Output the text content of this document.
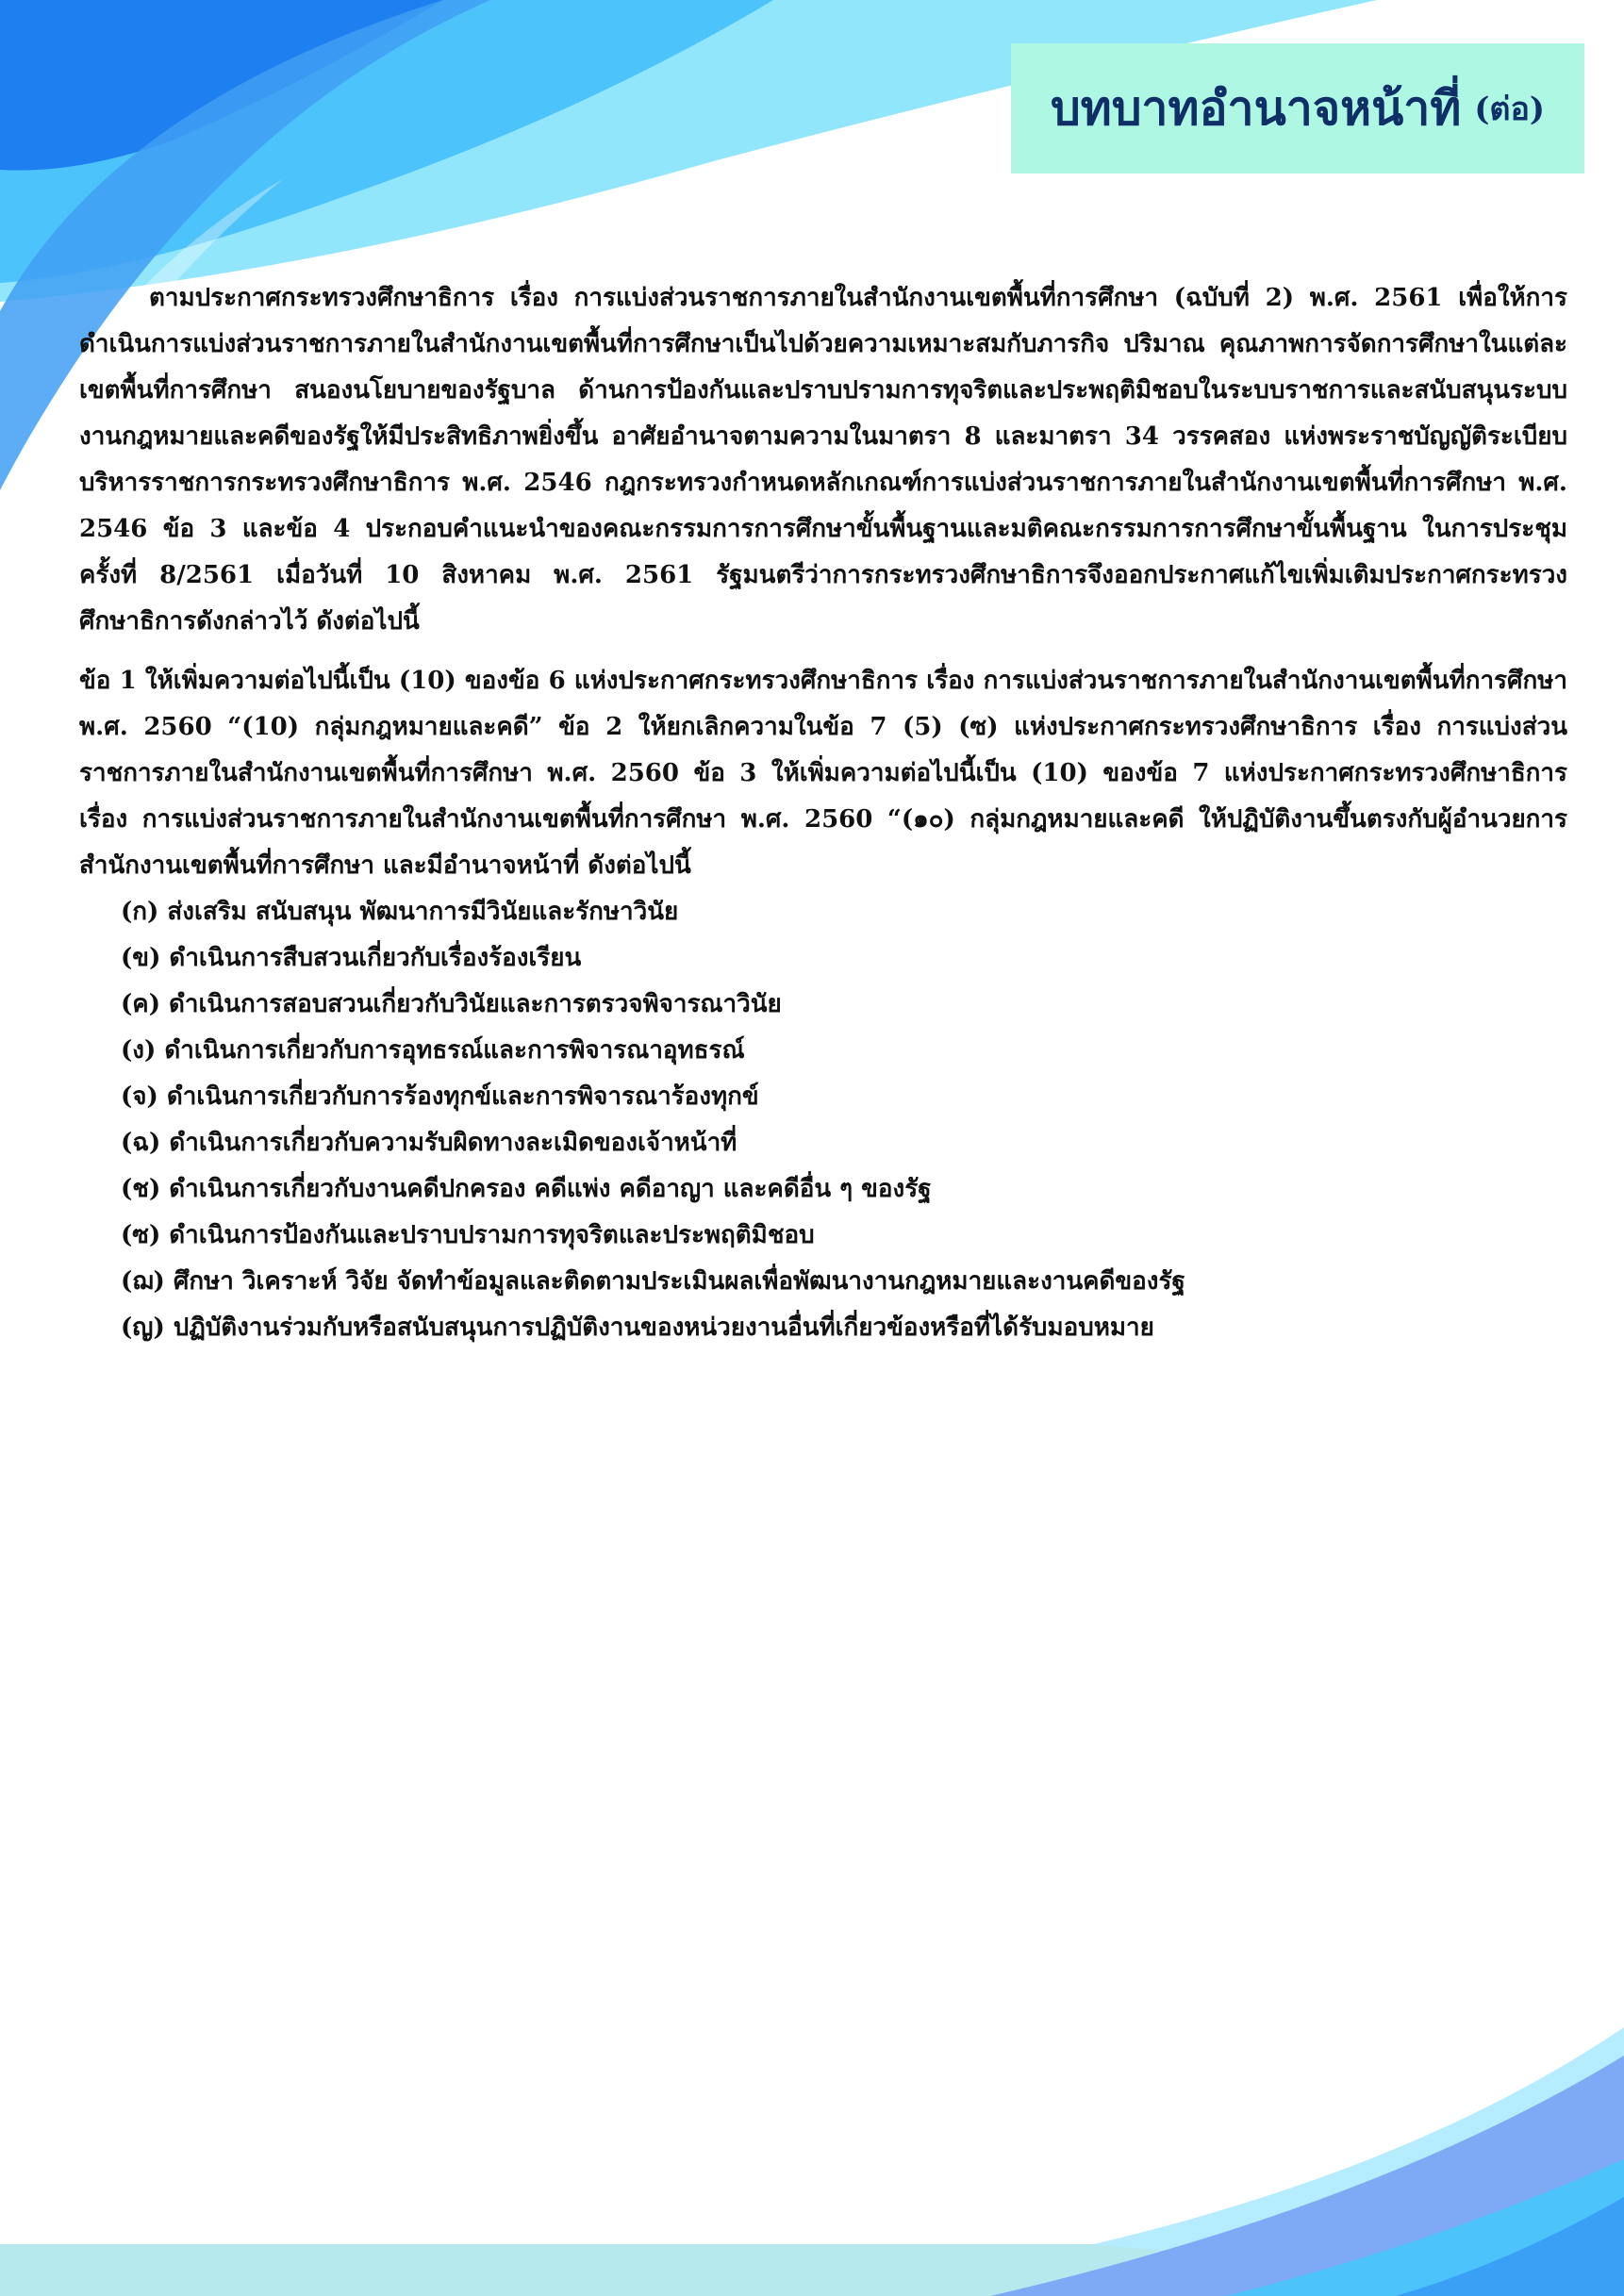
บทบาทอำนาจหน้าที่ (ต่อ)

ตามประกาศกระทรวงศึกษาธิการ เรื่อง การแบ่งส่วนราชการภายในสำนักงานเขตพื้นที่การศึกษา (ฉบับที่ 2) พ.ศ. 2561 เพื่อให้การดำเนินการแบ่งส่วนราชการภายในสำนักงานเขตพื้นที่การศึกษาเป็นไปด้วยความเหมาะสมกับภารกิจ ปริมาณ คุณภาพการจัดการศึกษาในแต่ละเขตพื้นที่การศึกษา สนองนโยบายของรัฐบาล ด้านการป้องกันและปราบปรามการทุจริตและประพฤติมิชอบในระบบราชการและสนับสนุนระบบ งานกฎหมายและคดีของรัฐให้มีประสิทธิภาพยิ่งขึ้น อาศัยอำนาจตามความในมาตรา 8 และมาตรา 34 วรรคสอง แห่งพระราชบัญญัติระเบียบบริหารราชการกระทรวงศึกษาธิการ พ.ศ. 2546 กฎกระทรวงกำหนดหลักเกณฑ์การแบ่งส่วนราชการภายในสำนักงานเขตพื้นที่การศึกษา พ.ศ. 2546 ข้อ 3 และข้อ 4 ประกอบคำแนะนำของคณะกรรมการการศึกษาขั้นพื้นฐานและมติคณะกรรมการการศึกษาขั้นพื้นฐาน ในการประชุมครั้งที่ 8/2561 เมื่อวันที่ 10 สิงหาคม พ.ศ. 2561 รัฐมนตรีว่าการกระทรวงศึกษาธิการจึงออกประกาศแก้ไขเพิ่มเติมประกาศกระทรวงศึกษาธิการดังกล่าวไว้ ดังต่อไปนี้

ข้อ 1 ให้เพิ่มความต่อไปนี้เป็น (10) ของข้อ 6 แห่งประกาศกระทรวงศึกษาธิการ เรื่อง การแบ่งส่วนราชการภายในสำนักงานเขตพื้นที่การศึกษา พ.ศ. 2560 “(10) กลุ่มกฎหมายและคดี” ข้อ 2 ให้ยกเลิกความในข้อ 7 (5) (ซ) แห่งประกาศกระทรวงศึกษาธิการ เรื่อง การแบ่งส่วนราชการภายในสำนักงานเขตพื้นที่การศึกษา พ.ศ. 2560 ข้อ 3 ให้เพิ่มความต่อไปนี้เป็น (10) ของข้อ 7 แห่งประกาศกระทรวงศึกษาธิการ เรื่อง การแบ่งส่วนราชการภายในสำนักงานเขตพื้นที่การศึกษา พ.ศ. 2560 “(๑๐) กลุ่มกฎหมายและคดี ให้ปฏิบัติงานขึ้นตรงกับผู้อำนวยการสำนักงานเขตพื้นที่การศึกษา และมีอำนาจหน้าที่ ดังต่อไปนี้

(ก) ส่งเสริม สนับสนุน พัฒนาการมีวินัยและรักษาวินัย
(ข) ดำเนินการสืบสวนเกี่ยวกับเรื่องร้องเรียน
(ค) ดำเนินการสอบสวนเกี่ยวกับวินัยและการตรวจพิจารณาวินัย
(ง) ดำเนินการเกี่ยวกับการอุทธรณ์และการพิจารณาอุทธรณ์
(จ) ดำเนินการเกี่ยวกับการร้องทุกข์และการพิจารณาร้องทุกข์
(ฉ) ดำเนินการเกี่ยวกับความรับผิดทางละเมิดของเจ้าหน้าที่
(ช) ดำเนินการเกี่ยวกับงานคดีปกครอง คดีแพ่ง คดีอาญา และคดีอื่น ๆ ของรัฐ
(ซ) ดำเนินการป้องกันและปราบปรามการทุจริตและประพฤติมิชอบ
(ฌ) ศึกษา วิเคราะห์ วิจัย จัดทำข้อมูลและติดตามประเมินผลเพื่อพัฒนางานกฎหมายและงานคดีของรัฐ
(ญ) ปฏิบัติงานร่วมกับหรือสนับสนุนการปฏิบัติงานของหน่วยงานอื่นที่เกี่ยวข้องหรือที่ได้รับมอบหมาย
